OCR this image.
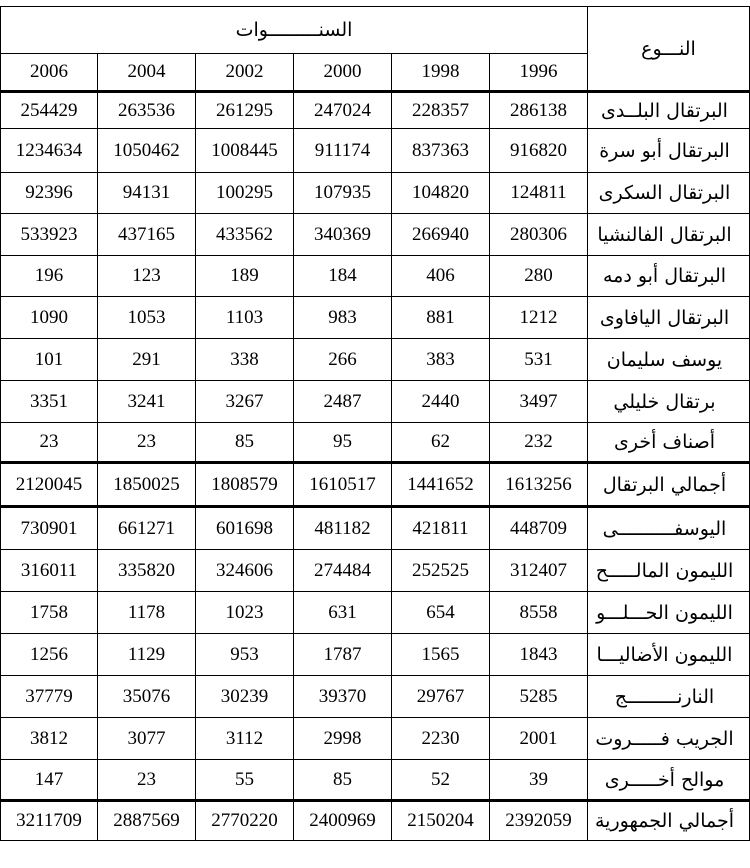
النـــوع	السنـــــــــوات					
	1996	1998	2000	2002	2004	2006
البرتقال البلــدى	286138	228357	247024	261295	263536	254429
البرتقال أبو سرة	916820	837363	911174	1008445	1050462	1234634
البرتقال السكرى	124811	104820	107935	100295	94131	92396
البرتقال الفالنشيا	280306	266940	340369	433562	437165	533923
البرتقال أبو دمه	280	406	184	189	123	196
البرتقال اليافاوى	1212	881	983	1103	1053	1090
يوسف سليمان	531	383	266	338	291	101
برتقال خليلي	3497	2440	2487	3267	3241	3351
أصناف أخرى	232	62	95	85	23	23
أجمالي البرتقال	1613256	1441652	1610517	1808579	1850025	2120045
اليوسفــــــــــى	448709	421811	481182	601698	661271	730901
الليمون المالـــــح	312407	252525	274484	324606	335820	316011
الليمون الحـــلـــو	8558	654	631	1023	1178	1758
الليمون الأضاليـــا	1843	1565	1787	953	1129	1256
النارنـــــــــج	5285	29767	39370	30239	35076	37779
الجريب فـــــروت	2001	2230	2998	3112	3077	3812
موالح أخـــــرى	39	52	85	55	23	147
أجمالي الجمهورية	2392059	2150204	2400969	2770220	2887569	3211709
